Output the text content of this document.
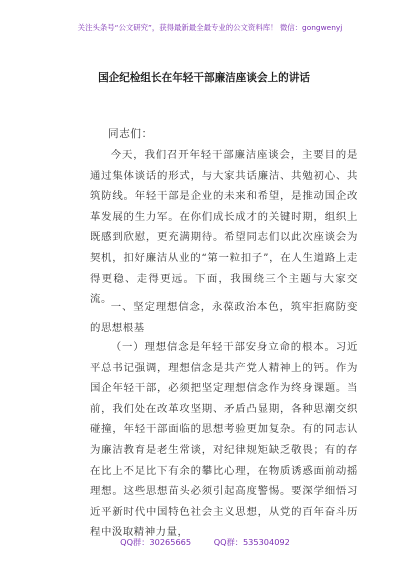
关注头条号“公文研究”，获得最新最全最专业的公文资料库！ 微信：gongwenyj
国企纪检组长在年轻干部廉洁座谈会上的讲话
同志们：

今天，我们召开年轻干部廉洁座谈会，主要目的是通过集体谈话的形式，与大家共话廉洁、共勉初心、共筑防线。年轻干部是企业的未来和希望，是推动国企改革发展的生力军。在你们成长成才的关键时期，组织上既感到欣慰，更充满期待。希望同志们以此次座谈会为契机，扣好廉洁从业的“第一粒扣子”，在人生道路上走得更稳、走得更远。下面，我围绕三个主题与大家交流。

一、坚定理想信念，永葆政治本色，筑牢拒腐防变的思想根基

（一）理想信念是年轻干部安身立命的根本。习近平总书记强调，理想信念是共产党人精神上的钙。作为国企年轻干部，必须把坚定理想信念作为终身课题。当前，我们处在改革攻坚期、矛盾凸显期，各种思潮交织碰撞，年轻干部面临的思想考验更加复杂。有的同志认为廉洁教育是老生常谈，对纪律规矩缺乏敬畏；有的存在比上不足比下有余的攀比心理，在物质诱惑面前动摇理想。这些思想苗头必须引起高度警惕。要深学细悟习近平新时代中国特色社会主义思想，从党的百年奋斗历程中汲取精神力量，

QQ群：30265665	QQ群：535304092
